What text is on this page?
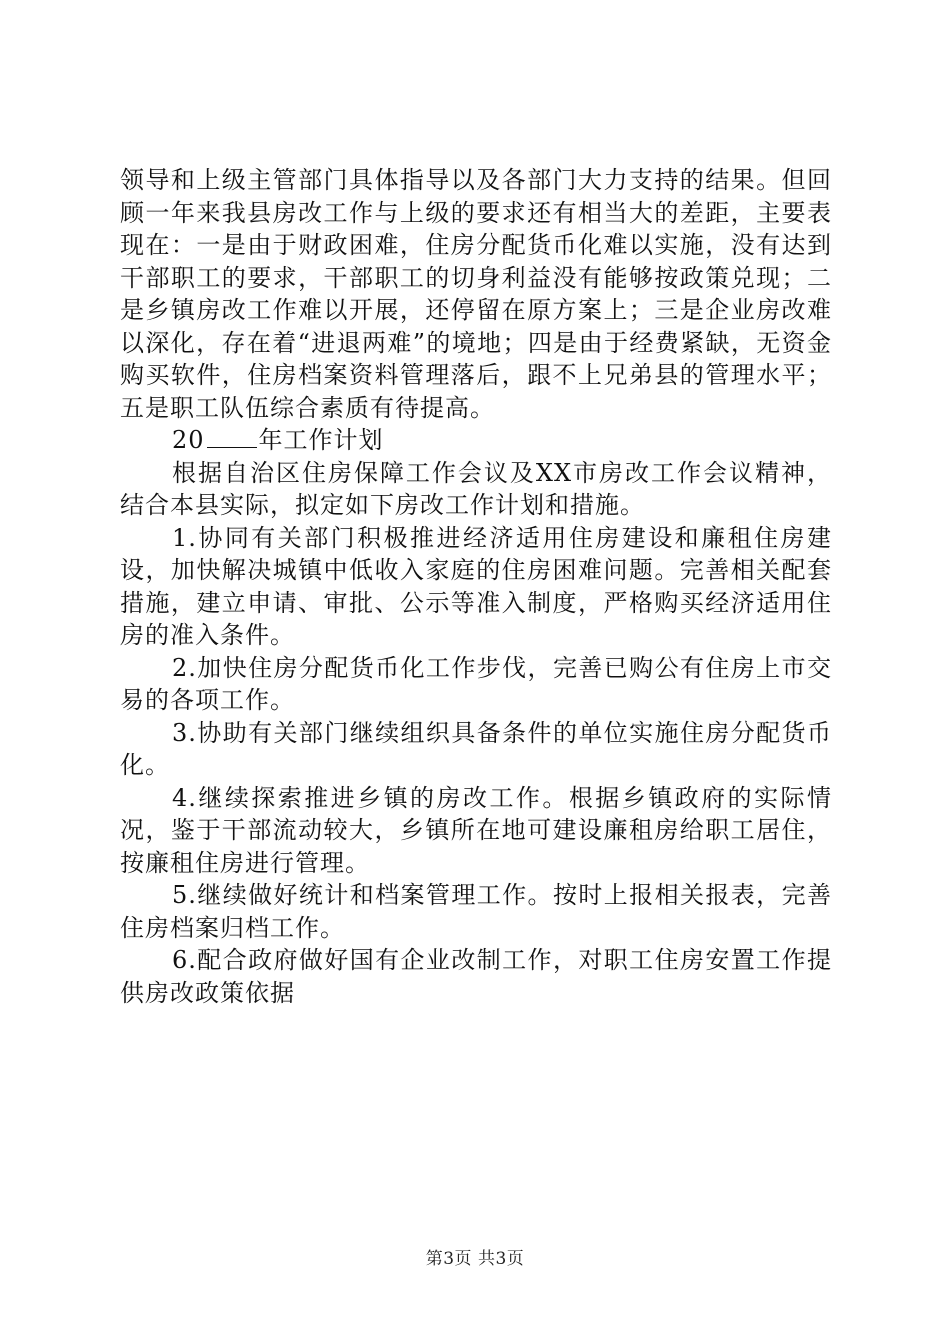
领导和上级主管部门具体指导以及各部门大力支持的结果。但回顾一年来我县房改工作与上级的要求还有相当大的差距，主要表现在：一是由于财政困难，住房分配货币化难以实施，没有达到干部职工的要求，干部职工的切身利益没有能够按政策兑现；二是乡镇房改工作难以开展，还停留在原方案上；三是企业房改难以深化，存在着“进退两难”的境地；四是由于经费紧缺，无资金购买软件，住房档案资料管理落后，跟不上兄弟县的管理水平；五是职工队伍综合素质有待提高。

20 年工作计划

根据自治区住房保障工作会议及XX市房改工作会议精神，结合本县实际，拟定如下房改工作计划和措施。

1.协同有关部门积极推进经济适用住房建设和廉租住房建设，加快解决城镇中低收入家庭的住房困难问题。完善相关配套措施，建立申请、审批、公示等准入制度，严格购买经济适用住房的准入条件。

2.加快住房分配货币化工作步伐，完善已购公有住房上市交易的各项工作。

3.协助有关部门继续组织具备条件的单位实施住房分配货币化。

4.继续探索推进乡镇的房改工作。根据乡镇政府的实际情况，鉴于干部流动较大，乡镇所在地可建设廉租房给职工居住，按廉租住房进行管理。

5.继续做好统计和档案管理工作。按时上报相关报表，完善住房档案归档工作。

6.配合政府做好国有企业改制工作，对职工住房安置工作提供房改政策依据

第3页 共3页
